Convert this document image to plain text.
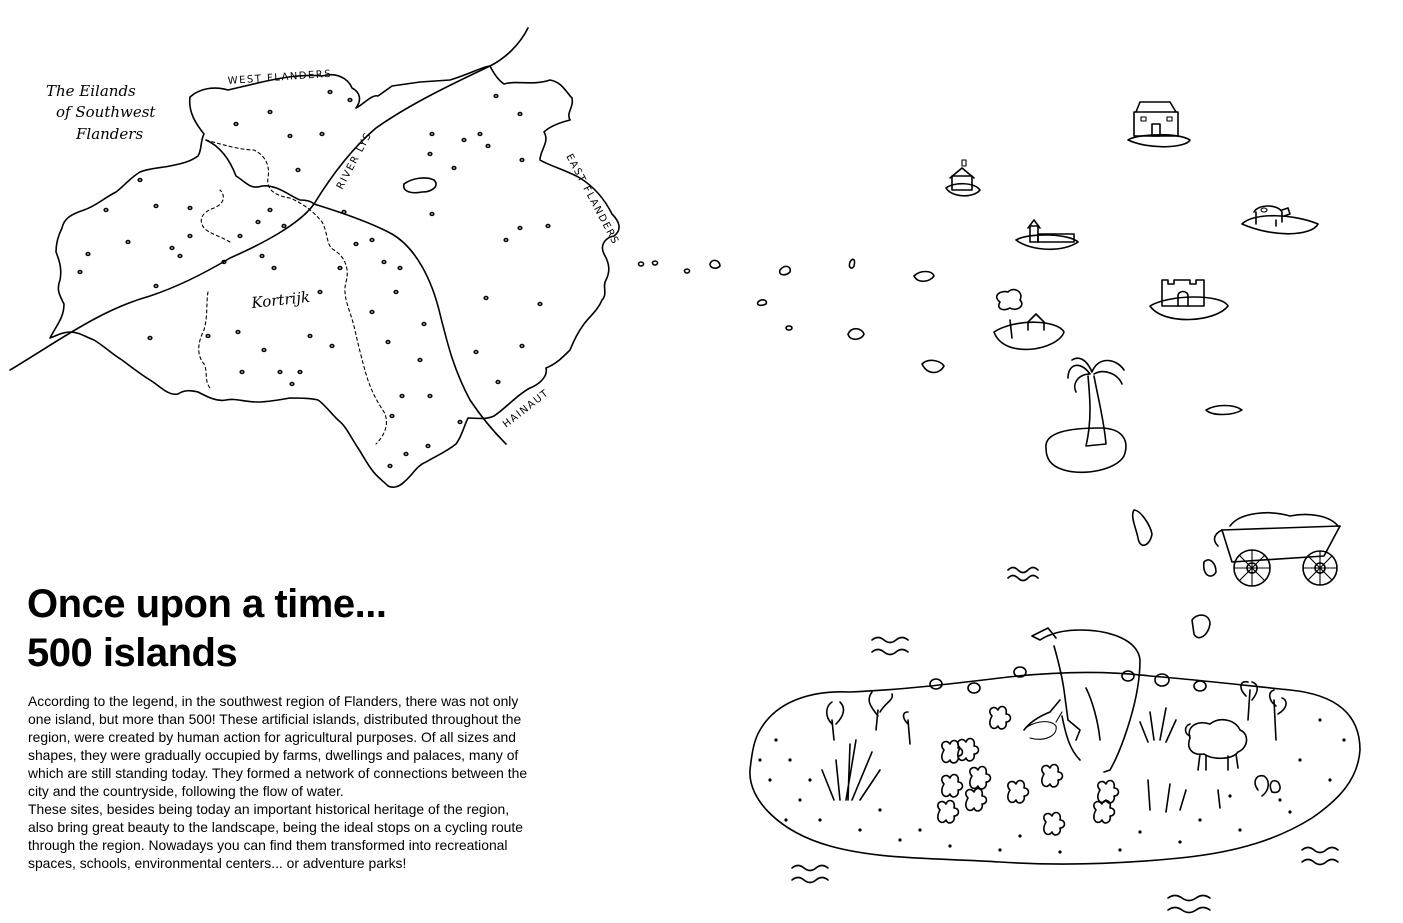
The Eilands
of Southwest
Flanders
WEST FLANDERS
EAST FLANDERS
HAINAUT
RIVER LYS
Kortrijk
Once upon a time...
500 islands

According to the legend, in the southwest region of Flanders, there was not only one island, but more than 500! These artificial islands, distributed throughout the region, were created by human action for agricultural purposes. Of all sizes and shapes, they were gradually occupied by farms, dwellings and palaces, many of which are still standing today. They formed a network of connections between the city and the countryside, following the flow of water.

These sites, besides being today an important historical heritage of the region, also bring great beauty to the landscape, being the ideal stops on a cycling route through the region. Nowadays you can find them transformed into recreational spaces, schools, environmental centers... or adventure parks!
